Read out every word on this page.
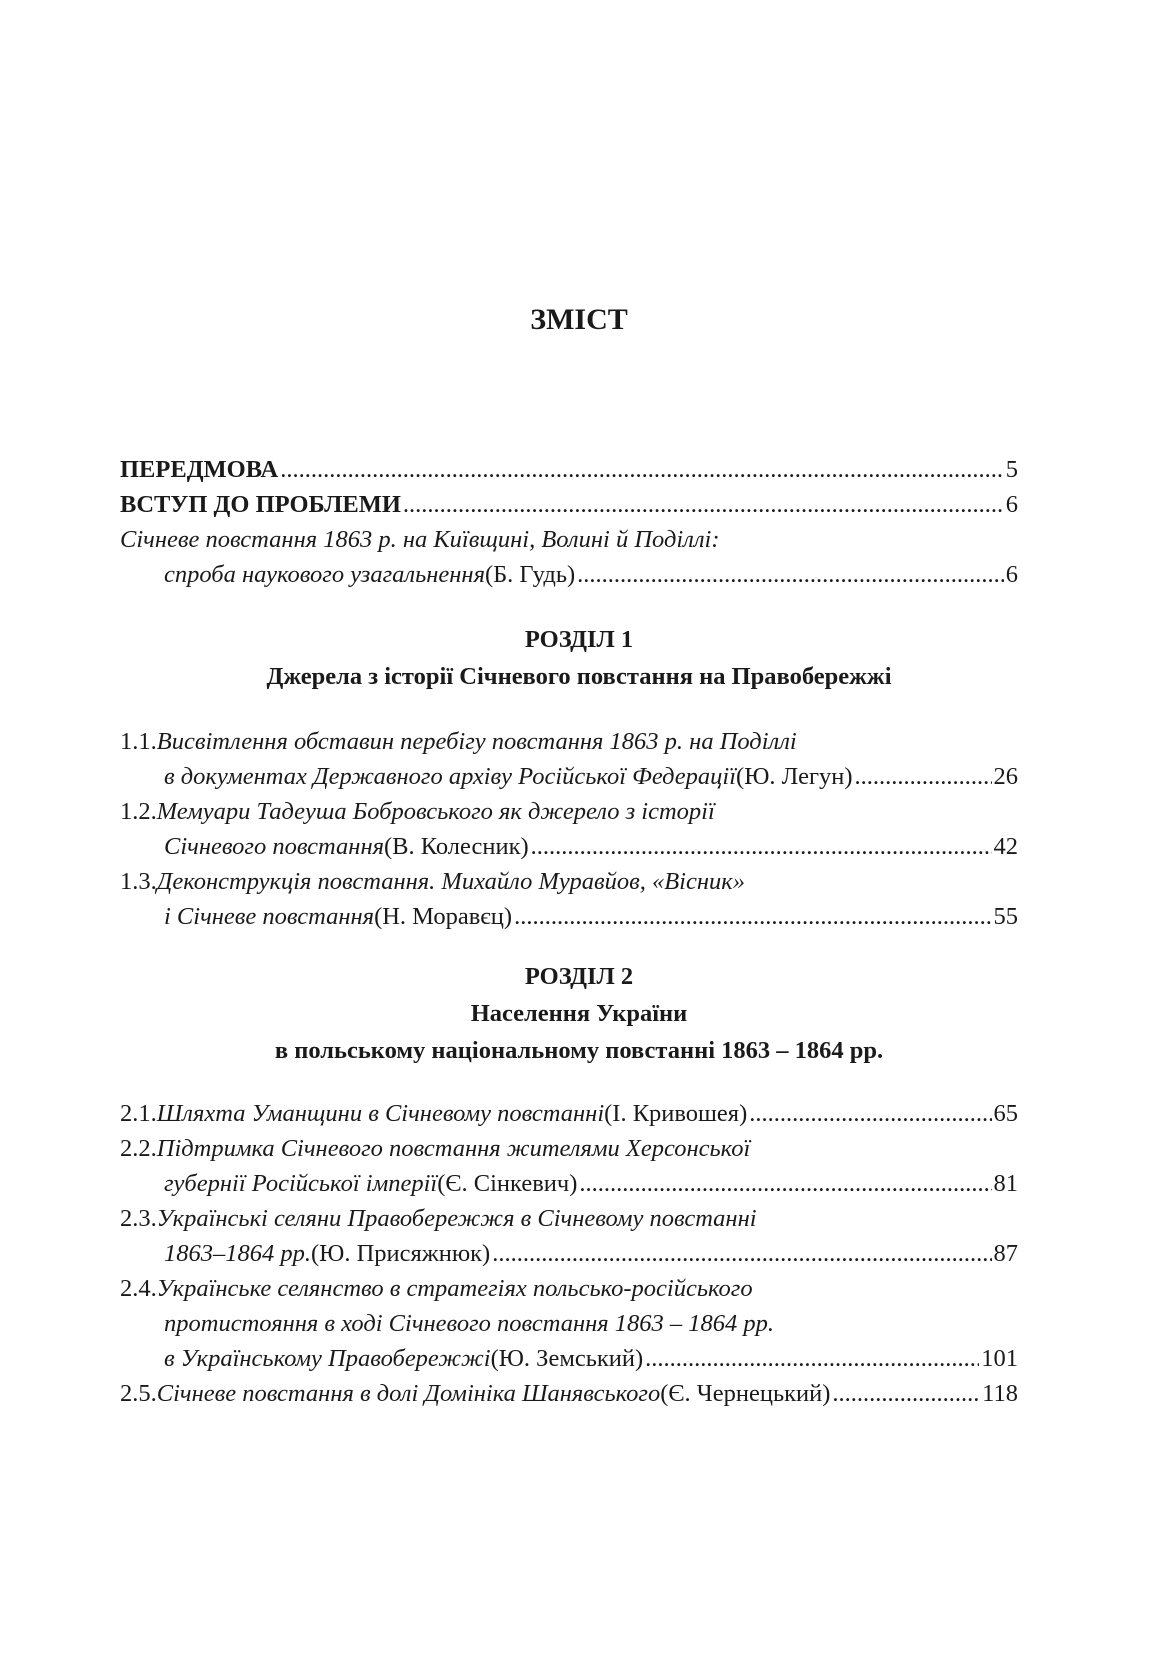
ЗМІСТ
ПЕРЕДМОВА .....	5
ВСТУП ДО ПРОБЛЕМИ .....	6
Січневе повстання 1863 р. на Київщині, Волині й Поділлі:
спроба наукового узагальнення (Б. Гудь) .....	6
РОЗДІЛ 1
Джерела з історії Січневого повстання на Правобережжі
1.1. Висвітлення обставин перебігу повстання 1863 р. на Поділлі
в документах Державного архіву Російської Федерації (Ю. Легун) .....	26
1.2. Мемуари Тадеуша Бобровського як джерело з історії
Січневого повстання (В. Колесник) .....	42
1.3. Деконструкція повстання. Михайло Муравйов, «Вісник»
і Січневе повстання (Н. Моравєц) .....	55
РОЗДІЛ 2
Населення України
в польському національному повстанні 1863 – 1864 рр.
2.1. Шляхта Уманщини в Січневому повстанні (І. Кривошея) .....	65
2.2. Підтримка Січневого повстання жителями Херсонської
губернії Російської імперії (Є. Сінкевич) .....	81
2.3. Українські селяни Правобережжя в Січневому повстанні
1863–1864 рр. (Ю. Присяжнюк) .....	87
2.4. Українське селянство в стратегіях польсько-російського
протистояння в ході Січневого повстання 1863 – 1864 рр.
в Українському Правобережжі (Ю. Земський) .....	101
2.5. Січневе повстання в долі Домініка Шанявського (Є. Чернецький) .....	118
